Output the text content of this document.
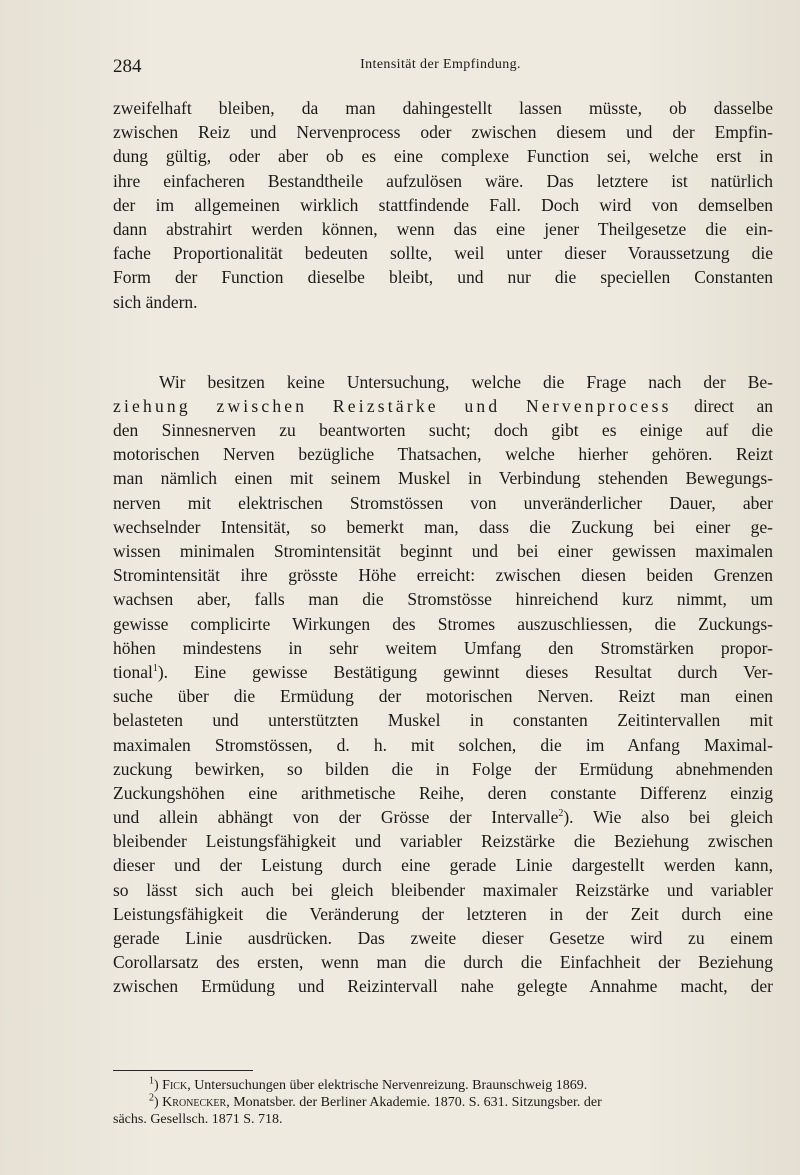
284	Intensität der Empfindung.
zweifelhaft bleiben, da man dahingestellt lassen müsste, ob dasselbe
zwischen Reiz und Nervenprocess oder zwischen diesem und der Empfin-
dung gültig, oder aber ob es eine complexe Function sei, welche erst in
ihre einfacheren Bestandtheile aufzulösen wäre. Das letztere ist natürlich
der im allgemeinen wirklich stattfindende Fall. Doch wird von demselben
dann abstrahirt werden können, wenn das eine jener Theilgesetze die ein-
fache Proportionalität bedeuten sollte, weil unter dieser Voraussetzung die
Form der Function dieselbe bleibt, und nur die speciellen Constanten
sich ändern.
Wir besitzen keine Untersuchung, welche die Frage nach der Be-
ziehung zwischen Reizstärke und Nervenprocess direct an
den Sinnesnerven zu beantworten sucht; doch gibt es einige auf die
motorischen Nerven bezügliche Thatsachen, welche hierher gehören. Reizt
man nämlich einen mit seinem Muskel in Verbindung stehenden Bewegungs-
nerven mit elektrischen Stromstössen von unveränderlicher Dauer, aber
wechselnder Intensität, so bemerkt man, dass die Zuckung bei einer ge-
wissen minimalen Stromintensität beginnt und bei einer gewissen maximalen
Stromintensität ihre grösste Höhe erreicht: zwischen diesen beiden Grenzen
wachsen aber, falls man die Stromstösse hinreichend kurz nimmt, um
gewisse complicirte Wirkungen des Stromes auszuschliessen, die Zuckungs-
höhen mindestens in sehr weitem Umfang den Stromstärken propor-
tional$^1$). Eine gewisse Bestätigung gewinnt dieses Resultat durch Ver-
suche über die Ermüdung der motorischen Nerven. Reizt man einen
belasteten und unterstützten Muskel in constanten Zeitintervallen mit
maximalen Stromstössen, d. h. mit solchen, die im Anfang Maximal-
zuckung bewirken, so bilden die in Folge der Ermüdung abnehmenden
Zuckungshöhen eine arithmetische Reihe, deren constante Differenz einzig
und allein abhängt von der Grösse der Intervalle$^2$). Wie also bei gleich
bleibender Leistungsfähigkeit und variabler Reizstärke die Beziehung zwischen
dieser und der Leistung durch eine gerade Linie dargestellt werden kann,
so lässt sich auch bei gleich bleibender maximaler Reizstärke und variabler
Leistungsfähigkeit die Veränderung der letzteren in der Zeit durch eine
gerade Linie ausdrücken. Das zweite dieser Gesetze wird zu einem
Corollarsatz des ersten, wenn man die durch die Einfachheit der Beziehung
zwischen Ermüdung und Reizintervall nahe gelegte Annahme macht, der
$^1$) Fick, Untersuchungen über elektrische Nervenreizung. Braunschweig 1869.
$^2$) Kronecker, Monatsber. der Berliner Akademie. 1870. S. 631. Sitzungsber. der
sächs. Gesellsch. 1871 S. 718.
